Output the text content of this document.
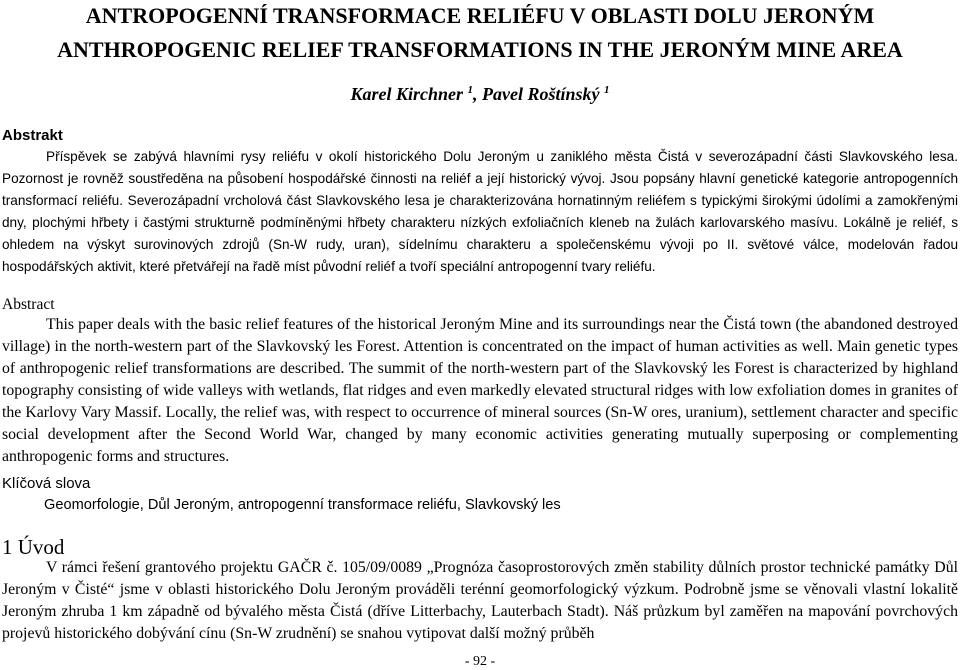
ANTROPOGENNÍ TRANSFORMACE RELIÉFU V OBLASTI DOLU JERONÝM
ANTHROPOGENIC RELIEF TRANSFORMATIONS IN THE JERONÝM MINE AREA
Karel Kirchner $^1$, Pavel Roštínský $^1$
Abstrakt

Příspěvek se zabývá hlavními rysy reliéfu v okolí historického Dolu Jeroným u zaniklého města Čistá v severozápadní části Slavkovského lesa. Pozornost je rovněž soustředěna na působení hospodářské činnosti na reliéf a její historický vývoj. Jsou popsány hlavní genetické kategorie antropogenních transformací reliéfu. Severozápadní vrcholová část Slavkovského lesa je charakterizována hornatinným reliéfem s typickými širokými údolími a zamokřenými dny, plochými hřbety i častými strukturně podmíněnými hřbety charakteru nízkých exfoliačních kleneb na žulách karlovarského masívu. Lokálně je reliéf, s ohledem na výskyt surovinových zdrojů (Sn-W rudy, uran), sídelnímu charakteru a společenskému vývoji po II. světové válce, modelován řadou hospodářských aktivit, které přetvářejí na řadě míst původní reliéf a tvoří speciální antropogenní tvary reliéfu.

Abstract

This paper deals with the basic relief features of the historical Jeroným Mine and its surroundings near the Čistá town (the abandoned destroyed village) in the north-western part of the Slavkovský les Forest. Attention is concentrated on the impact of human activities as well. Main genetic types of anthropogenic relief transformations are described. The summit of the north-western part of the Slavkovský les Forest is characterized by highland topography consisting of wide valleys with wetlands, flat ridges and even markedly elevated structural ridges with low exfoliation domes in granites of the Karlovy Vary Massif. Locally, the relief was, with respect to occurrence of mineral sources (Sn-W ores, uranium), settlement character and specific social development after the Second World War, changed by many economic activities generating mutually superposing or complementing anthropogenic forms and structures.

Klíčová slova
Geomorfologie, Důl Jeroným, antropogenní transformace reliéfu, Slavkovský les
1 Úvod

V rámci řešení grantového projektu GAČR č. 105/09/0089 „Prognóza časoprostorových změn stability důlních prostor technické památky Důl Jeroným v Čisté“ jsme v oblasti historického Dolu Jeroným prováděli terénní geomorfologický výzkum. Podrobně jsme se věnovali vlastní lokalitě Jeroným zhruba 1 km západně od bývalého města Čistá (dříve Litterbachy, Lauterbach Stadt). Náš průzkum byl zaměřen na mapování povrchových projevů historického dobývání cínu (Sn-W zrudnění) se snahou vytipovat další možný průběh

- 92 -
